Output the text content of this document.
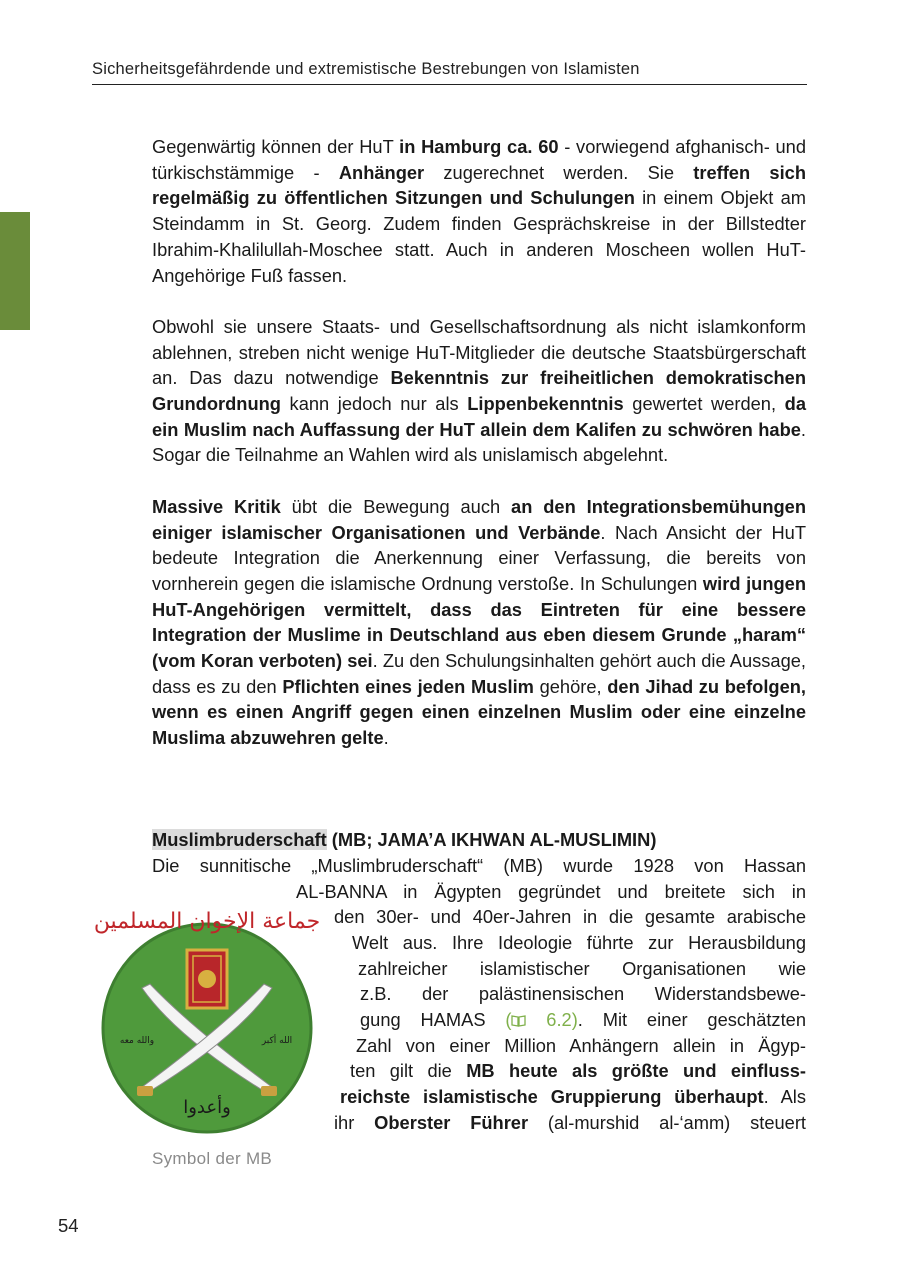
Sicherheitsgefährdende und extremistische Bestrebungen von Islamisten

Gegenwärtig können der HuT in Hamburg ca. 60 - vorwiegend afghanisch- und türkischstämmige - Anhänger zugerechnet werden. Sie treffen sich regelmäßig zu öffentlichen Sitzungen und Schulungen in einem Objekt am Steindamm in St. Georg. Zudem finden Gesprächskreise in der Billstedter Ibrahim-Khalilullah-Moschee statt. Auch in anderen Moscheen wollen HuT-Angehörige Fuß fassen.

Obwohl sie unsere Staats- und Gesellschaftsordnung als nicht islamkonform ablehnen, streben nicht wenige HuT-Mitglieder die deutsche Staatsbürgerschaft an. Das dazu notwendige Bekenntnis zur freiheitlichen demokratischen Grundordnung kann jedoch nur als Lippenbekenntnis gewertet werden, da ein Muslim nach Auffassung der HuT allein dem Kalifen zu schwören habe. Sogar die Teilnahme an Wahlen wird als unislamisch abgelehnt.

Massive Kritik übt die Bewegung auch an den Integrationsbemühungen einiger islamischer Organisationen und Verbände. Nach Ansicht der HuT bedeute Integration die Anerkennung einer Verfassung, die bereits von vornherein gegen die islamische Ordnung verstoße. In Schulungen wird jungen HuT-Angehörigen vermittelt, dass das Eintreten für eine bessere Integration der Muslime in Deutschland aus eben diesem Grunde „haram“ (vom Koran verboten) sei. Zu den Schulungsinhalten gehört auch die Aussage, dass es zu den Pflichten eines jeden Muslim gehöre, den Jihad zu befolgen, wenn es einen Angriff gegen einen einzelnen Muslim oder eine einzelne Muslima abzuwehren gelte.

Muslimbruderschaft (MB; JAMA’A IKHWAN AL-MUSLIMIN)
Die sunnitische „Muslimbruderschaft“ (MB) wurde 1928 von Hassan
AL-BANNA in Ägypten gegründet und breitete sich in
den 30er- und 40er-Jahren in die gesamte arabische
Welt aus. Ihre Ideologie führte zur Herausbildung
zahlreicher islamistischer Organisationen wie
z.B. der palästinensischen Widerstandsbewe-
gung HAMAS ( 6.2). Mit einer geschätzten
Zahl von einer Million Anhängern allein in Ägyp-
ten gilt die MB heute als größte und einfluss-
reichste islamistische Gruppierung überhaupt. Als
ihr Oberster Führer (al-murshid al-‘amm) steuert
جماعة الإخوان المسلمين
وأعدوا
والله معه	الله أكبر
Symbol der MB
54
